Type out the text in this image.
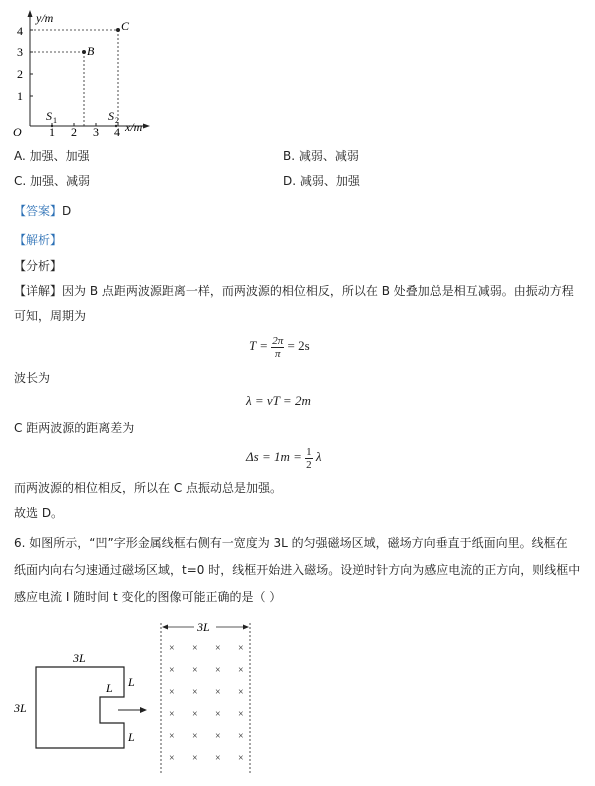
y/m
x/m
O
1
2
3
4
1 2 3 4
B
C
S 1	S 2
A. 加强、加强	B. 减弱、减弱
C. 加强、减弱	D. 减弱、加强
【答案】D
【解析】
【分析】
【详解】因为 B 点距两波源距离一样，而两波源的相位相反，所以在 B 处叠加总是相互减弱。由振动方程
可知，周期为
$T = \frac{2\pi}{\pi} = 2s$
波长为
λ = vT = 2m
C 距两波源的距离差为
$\Delta s = 1m = \frac{1}{2}$ λ
而两波源的相位相反，所以在 C 点振动总是加强。
故选 D。
6. 如图所示，“凹”字形金属线框右侧有一宽度为 3L 的匀强磁场区域，磁场方向垂直于纸面向里。线框在
纸面内向右匀速通过磁场区域，t=0 时，线框开始进入磁场。设逆时针方向为感应电流的正方向，则线框中
感应电流 I 随时间 t 变化的图像可能正确的是（ ）
3L
3L
3L
L
L
L
× × × ×
× × × ×
× × × ×
× × × ×
× × × ×
× × × ×
